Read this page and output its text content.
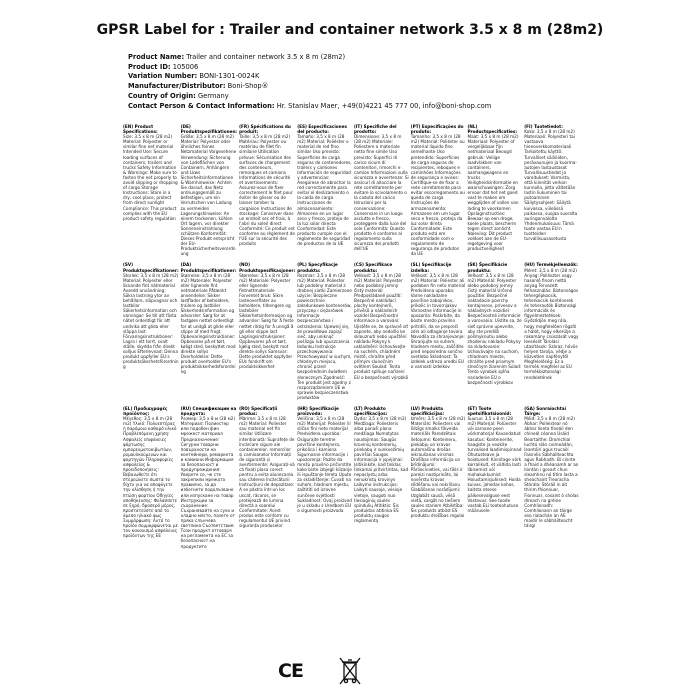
GPSR Label for : Trailer and container network 3.5 x 8 m (28m2)
Product Name: Trailer and container network 3.5 x 8 m (28m2)
Product ID: 105006
Variation Number: BONI-1301-0024K
Manufacturer/Distributor: Boni-Shop®
Country of Origin: Germany
Contact Person & Contact Information: Hr. Stanislav Maer, +49(0)4221 45 777 00, info@boni-shop.com
(EN) Product Specifications:
Size: 3.5 x 8 m (28 m2) Material: Polyester or similar fine net material Intended Use: Secure loading surfaces of containers, trailers and trucks Safety Information & Warnings: Make sure to fasten the net properly to avoid slipping or dropping of cargo Storage Instructions: Store in a dry, cool place, protect from direct sunlight Compliance: This product complies with the EU product safety regulation
(DE) Produktspezifikationen:
Größe: 3,5 x 8 m (28 m2) Material: Polyester oder ähnliches feines Netzmaterial Vorgesehene Verwendung: Sicherung von Ladeflächen von Containern, Anhängern und Lkws Sicherheitsinformationen & Warnhinweise: Achten Sie darauf, das Netz ordnungsgemäß zu befestigen, um ein Verrutschen von Ladung zu vermeiden Lagerungshinweise: An einem trockenen, kühlen Ort lagern, vor direkter Sonneneinstrahlung schützen Konformität: Dieses Produkt entspricht der EU-Produktsicherheitsverordnung
(FR) Spécifications du produit:
Taille: 3,5 x 8 m (28 m2) Matériau: Polyester ou matériau de filet fin similaire Utilisation prévue: Sécurisation des surfaces de chargement des conteneurs, remorques et camions Informations de sécurité et avertissements: Assurez-vous de fixer correctement le filet pour éviter de glisser ou de laisser tomber la cargaison Instructions de stockage: Conserver dans un endroit sec et frais, à l'abri du soleil direct Conformité: Ce produit est conforme au règlement de l'UE sur la sécurité des produits
(ES) Especificaciones del producto:
Tamaño: 3,5 x 8 m (28 m2) Material: Poliéster o material de red fino similar Uso previsto: Superficies de carga seguras de contenedores, trailers y camiones Información de seguridad y advertencias: Asegúrese de abrochar la red correctamente para evitar el deslizamiento o la caída de carga Instrucciones de almacenamiento: Almacene en un lugar seco y fresco, proteja de la luz solar directa Conformidad: Este producto cumple con el reglamento de seguridad de productos de la UE
(IT) Specifiche del prodotto:
Dimensione: 3,5 x 8 m (28 m2) Materiale: Poliestere o materiale netto fine simile Uso previsto: Superfici di carico sicure di contenitori, rimorchi e camion Informazioni sulla sicurezza e avvertenze: Si assicuri di allacciare la rete correttamente per evitare lo scivolamento o la caduta del carico Istruzioni per la conservazione: Conservare in un luogo asciutto e fresco, proteggere dalla luce del sole Conformità: Questo prodotto è conforme al regolamento sulla sicurezza dei prodotti dell'UE
(PT) Especificações do produto:
Tamanho: 3,5 x 8 m (28 m2) Material: Poliéster ou material líquido fino semelhante Uso pretendido: Superfícies de carga seguras de recipientes, reboques e caminhões Informações de segurança e avisos: Certifique-se de fixar a rede corretamente para evitar escorregamento ou queda de carga Instruções de armazenamento: Armazene em um lugar seco e fresco, proteja da luz solar direta Conformidade: Este produto está em conformidade com o regulamento de segurança de produtos da UE
(NL) Productspecificaties:
Maat: 3,5 x 8 m (28 m2) Materiaal: Polyester of vergelijkbaar fijn netmateriaal Beoogd gebruik: Veilige laadvlakken van containers, aanhangwagens en trucks Veiligheidsinformatie en waarschuwingen: Zorg ervoor dat het net goed vast te maken om wegglijden of vallen van lading te voorkomen Opslaginstructies: Bewaar op een droge, koele plaats, bescherm tegen direct zonlicht Naleving: Dit product voldoet aan de EU-regelgeving voor productveiligheid
(FI) Tuotetiedot:
Koko: 3,5 x 8 m (28 m2) Materiaali: Polyesteri tai vastaava hienoverkkomateriaali Tarkoitettu käyttö: Turvalliset säiliöiden, perävaunujen ja kuorma-autojen lastaustasot Turvallisuustiedot ja varoitukset: Varmista, että kiinnität verkon kunnolla, jotta vältetään lastin liukuminen tai putoaminen Säilytysohjeet: Säilytä kuivassa, viileässä paikassa, suojaa suoralta auringonvalolta Yhdenmukaisuus: Tämä tuote vastaa EU:n tuotteiden turvallisuusasetusta
(SV) Produktspecifikationer:
Storlek: 3,5 x 8 m (28 m2) Material: Polyester eller liknande fint nätmaterial Avsedd användning: Säkra lastning ytor av behållare, släpvagnar och lastbilar Säkerhetsinformation och varningar: Se till att fästa nätet ordentligt för att undvika att glida eller släppa last Förvaringsinstruktioner: Lagra i ett torrt, svalt ställe, skydda från direkt solljus Efterlevnad: Denna produkt uppfyller EU:s produktsäkerhetsförordning
(DA) Produktspecifikationer:
Størrelse: 3,5 x 8 m (28 m2) Materiale: Polyester eller lignende fint netmateriale Påtænkt anvendelse: Sikker lastflader af beholdere, trailere og lastbiler Sikkerhedsinformation og advarsler: Sørg for at fastgøre nettet ordentligt for at undgå at glide eller slippe af med fragt Opbevaringsinstruktioner: Opbevares på et tørt, køligt sted, beskyttet mod direkte sollys Overholdelse: Dette produkt overholder EU's produktsikkerhedsforordning
(NO) Produktspesifikasjoner:
Størrelse: 3,5 x 8 m (28 m2) Materiale: Polyester eller lignende fintnettmateriale Forventet bruk: Sikre lasteoverflater av beholdere, tilhengere og lastebiler Sikkerhetsinformasjon og advarsler: Sørg for å feste nettet riktig for å unngå å gli eller slippe last Lagringsinstruksjoner: Oppbevares på et tørt, kjølig sted, beskytt mot direkte sollys Samsvar: Dette produktet oppfyller EUs forskrift om produktsikkerhet
(PL) Specyfikacje produktu:
Rozmiar: 3,5 x 8 m (28 m2) Materiał: Poliester lub podobny materiał z drobnej siatki Zamierzone użycie: Bezpieczne powierzchnie załadunkowe kontenerów, przyczep i ciężarówek Informacje bezpieczeństwa i ostrzeżenia: Upewnij się, że prawidłowo zapiąć sieć, aby uniknąć poślizgu lub upuszczenia ładunku Instrukcje przechowywania: Przechowywać w suchym, chłodnym miejscu, chronić przed bezpośrednim światłem słonecznym Zgodność: Ten produkt jest zgodny z rozporządzeniem UE w sprawie bezpieczeństwa produktów
(CS) Specifikace produktu:
Velikost: 3,5 x 8 m (28 m2) Materiál: Polyester nebo podobný jemný čistý materiál Předpokládané použití: Bezpečné nakládací plochy kontejnerů, přívěsů a nákladních vozidel Bezpečnostní informace a varování: Ujistěte se, že správně síť zapnete, aby nedošlo ke sklouznutí nebo upuštění nákladu Pokyny k uskladnění: Uchovávejte na suchém, chladném místě, chraňte před přímým slunečním světlem Soulad: Tento produkt splňuje nařízení EU o bezpečnosti výrobků
(SL) Specifikacije izdelka:
Velikost: 3,5 x 8 m (28 m2) Material: Poliester ali podoben fin neto material Predvidena uporaba: Varne nakladalne površine zabojnikov, prikolic in tovornjakov Varnostne informacije in opozorila: Poskrbite, da boste mrežo pravilno pritrdili, da se prepreči zdrs ali odlaganje tovora Navodila za shranjevanje: Shranjujte na suhem, hladnem mestu, zaščitite pred neposredno sončno svetlobo Skladnost: Ta izdelek ustreza uredbi EU o varnosti izdelkov
(SK) Špecifikácie produktu:
Veľkosť: 3,5 x 8 m (28 m2) Materiál: Polyester alebo podobný jemný čistý materiál Určené použitie: Bezpečné nakladacie povrchy kontajnerov, prívesov a nákladných vozidiel Bezpečnostné informácie a varovania: Uistite sa, že sieť správne upevníte, aby ste predišli pošmyknutiu alebo zhodeniu nákladu Pokyny na skladovanie: Uchovávajte na suchom, chladnom mieste, chráňte pred priamym slnečným žiarením Súlad: Tento výrobok spĺňa nariadenie EÚ o bezpečnosti výrobkov
(HU) Termékjellemzők:
Méret: 3,5 x 8 m (28 m2) Anyag: Poliészter vagy hasonló finom nettó anyag Tervezett felhasználás: Biztonságos tehergépkocsik, teherkocsik konténerek és teherautók Biztonsági információk és figyelmeztetések: Győződjön meg róla, hogy megfelelően rögzíti a hálót, hogy elkerülje a rakomány csúszását vagy leesését Tárolási utasítások: Száraz, hűvös helyen tárolja, védje a közvetlen napfénytől Megfelelőség: Ez a termék megfelel az EU termékbiztonsági rendeletének
(EL) Προδιαγραφές προϊόντος:
Μέγεθος: 3,5 x 8 m (28 m2) Υλικό: Πολυεστέρας ή παρόμοιο καθαρό υλικό Προβλεπόμενη χρήση: Ασφαλείς επιφάνειες φόρτωσης εμπορευματοκιβωτίων, ρυμουλκούμενων και φορτηγών Πληροφορίες ασφαλείας & προειδοποιήσεις: Βεβαιωθείτε ότι στερεώνετε σωστά το δίχτυ για να αποφύγετε την ολίσθηση ή την πτώση φορτίου Οδηγίες αποθήκευσης: Φυλάσσετε σε ξηρό, δροσερό μέρος, προστατεύστε από το άμεσο ηλιακό φως Συμμόρφωση: Αυτό το προϊόν συμμορφώνεται με τον κανονισμό ασφάλειας προϊόντων της ΕΕ
(RU) Спецификации на продукта:
Размер: 3,5 x 8 м (28 м2) Материал: Полиестер или подобен фин мрежест материал Предназначение: Сигурни товарни повърхности на контейнери, ремаркета и камиони Информация за безопасност и предупреждения: Уверете се, че сте закрепили мрежата правилно, за да избегнете подхлъзване или изпускане на товар Инструкции за съхранение: Съхранявайте на сухо и хладно място, пазете от пряка слънчева светлина Съответствие: Този продукт отговаря на регламента на ЕС за безопасност на продуктите
(RO) Specificații produs:
Mărime: 3,5 x 8 m (28 m2) Material: Poliester sau material net fin similar Utilizare intenționată: Suprafețe de încărcare sigure ale containerelor, remorcilor și camioanelor Informații de siguranță și avertismente: Asigurați-vă că fixați plasa corect pentru a evita alunecarea sau căderea încărcăturii Instrucțiuni de depozitare: A se păstra într-un loc uscat, răcoros, se protejează de lumina directă a soarelui Conformitate: Acest produs este conform cu regulamentul UE privind siguranța produselor
(HR) Specifikacije proizvoda:
Veličina: 3,5 x 8 m (28 m2) Materijal: Poliester ili sličan fini neto materijal Predviđena uporaba: Osigurajte teretne površine kontejnera, prikolica i kamiona Sigurnosne informacije i upozorenja: Pazite da mrežu pravilno pričvrstite kako biste izbjegli klizanje ili ispuštanje tereta Upute za skladištenje: Čuvati na suhom, hladnom mjestu, zaštititi od izravne sunčeve svjetlosti Sukladnost: Ovaj proizvod je u skladu s Uredbom EU o sigurnosti proizvoda
(LT) Produkto specifikacijos:
Dydis: 3,5 x 8 m (28 m2) Medžiaga: Poliesteris arba panaši plona medžiaga Numatytas naudojimas: Saugūs krovinių konteinerių, priekabų ir sunkvežimių paviršiai Saugos informacija ir įspėjimai: Įsitikinkite, kad tinklas tinkamai pritvirtintas, kad nepaslystų arba nenukristų krovinys Laikymo instrukcijos: Laikyti sausoje, vėsioje vietoje, saugoti nuo tiesioginių saulės spindulių Atitiktis: Šis produktas atitinka ES produktų saugos reglamentą
(LV) Produkta specifikācijas:
Izmērs: 3,5 x 8 m (28 m2) Materiāls: Poliesters vai līdzīgs smalks tīkveida materiāls Paredzētais lietojums: Konteineru, piekabju un kravas automašīnu drošas iekraušanas virsmas Drošības informācija un brīdinājumi: Pārliecinieties, vai tīkls ir pareizi nostiprināts, lai novērstu kravas slīdēšanu vai nokrišanu Glabāšanas norādījumi: Uzglabāt sausā, vēsā vietā, sargāt no tiešiem saules stariem Atbilstība: Šis produkts atbilst ES produktu drošības regulai
(ET) Toote spetsifikatsioonid:
Suurus: 3,5 x 8 m (28 m2) Materjal: Polüester või sarnane peen võrkmaterjal Kavandatud kasutus: Konteinerite, haagiste ja veokite turvalised laadimispinnad Ohutusteave ja hoiatused: Kinnitage võrk korralikult, et vältida lasti libisemist või mahakukkumist Hoiustamisjuhised: Hoida kuivas, jahedas kohas, kaitsta otsese päikesevalguse eest Vastavus: See toode vastab ELi tooteohutuse määrusele
(GA) Sonraíochtaí Táirge:
Méid: 3,5 x 8 m (28 m2) Ábhar: Poileistear nó ábhar líonta fíneáil den chineál céanna Úsáid Beartaithe: Dromchlaí luchtú slán coimeádán, leantóirí agus trucailí Faisnéis Sábháilteachta agus Rabhadh: Bí cinnte a fhaid a dhéanamh ar an líontán i gceart chun sleamhnú nó titim lasta a sheachaint Treoracha Stórála: Stóráil in áit thirim fhionnuar, Fionnuar, cosaint ó sholas díreach na gréine Comhlíonadh: Comhlíonann an táirge seo rialachán an AE maidir le sábháilteacht táirgí
CE
